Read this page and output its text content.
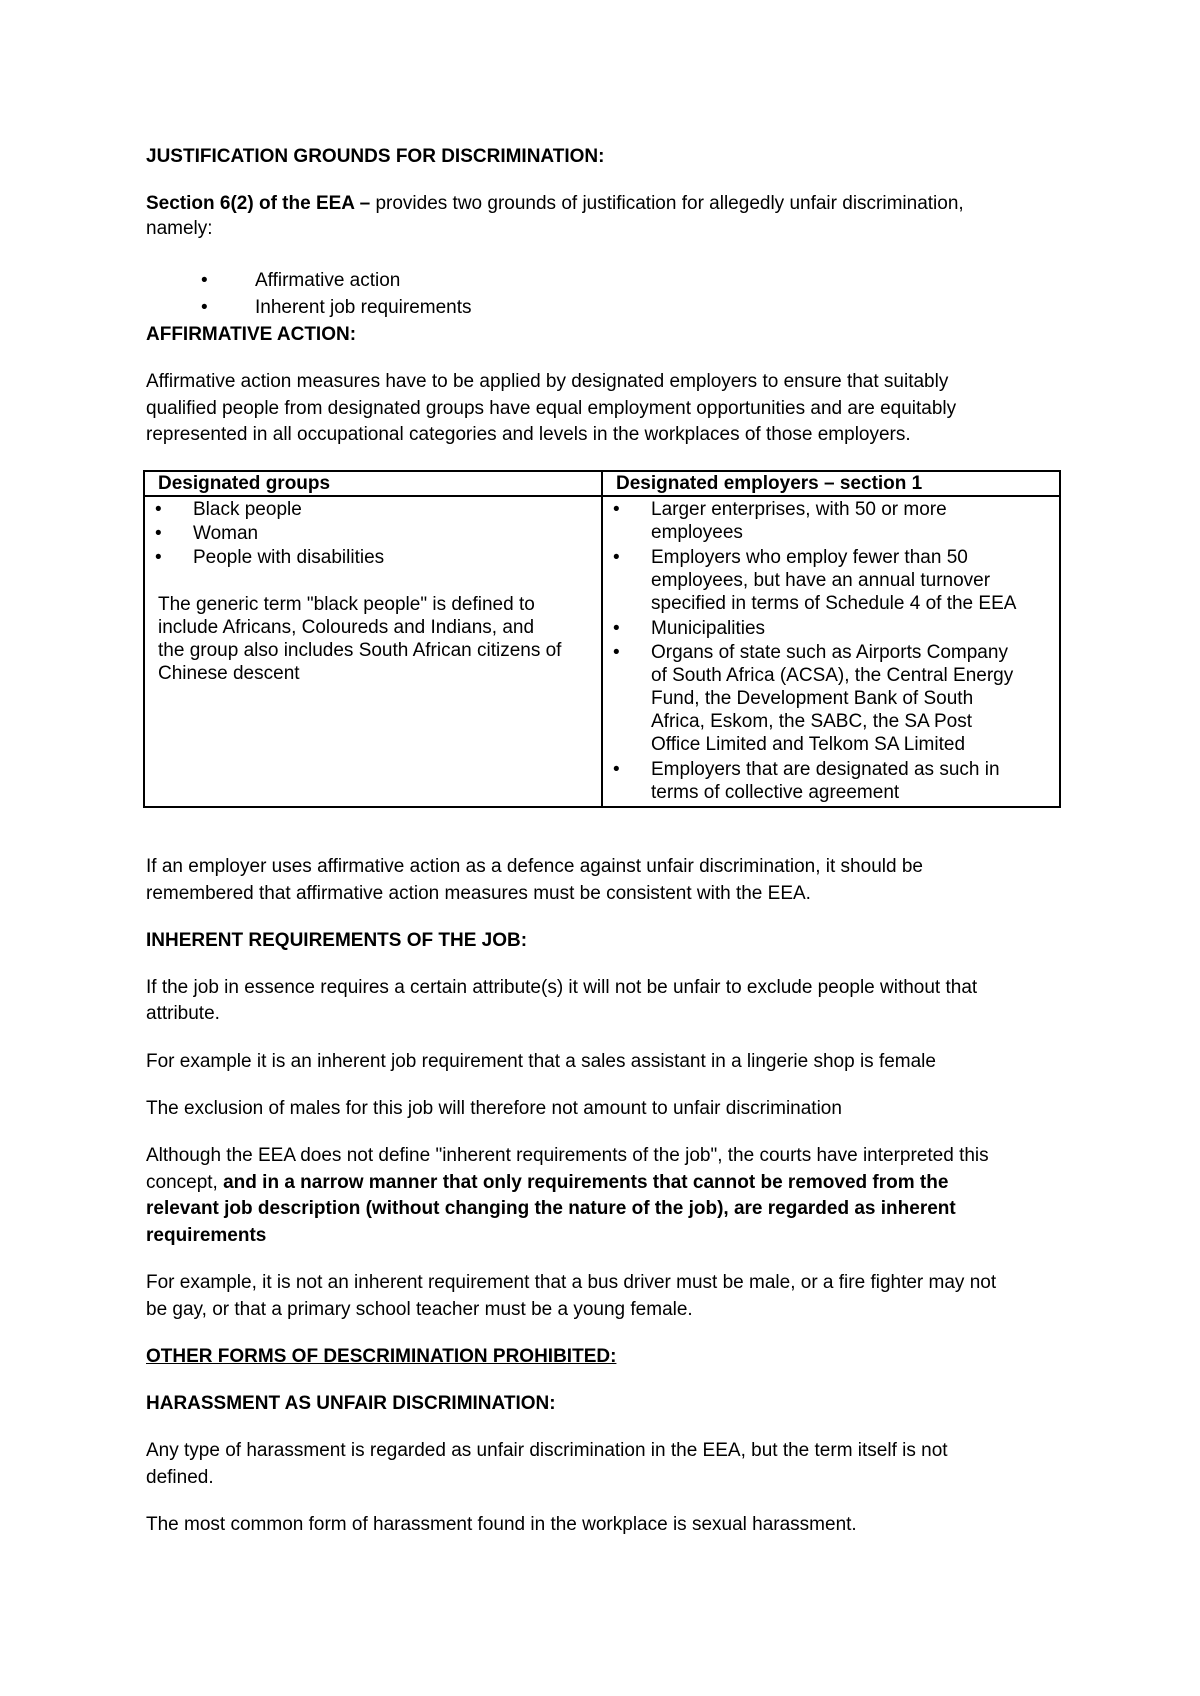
JUSTIFICATION GROUNDS FOR DISCRIMINATION:
Section 6(2) of the EEA – provides two grounds of justification for allegedly unfair discrimination,
namely:
• Affirmative action
• Inherent job requirements
AFFIRMATIVE ACTION:
Affirmative action measures have to be applied by designated employers to ensure that suitably
qualified people from designated groups have equal employment opportunities and are equitably
represented in all occupational categories and levels in the workplaces of those employers.
Designated groups	Designated employers – section 1
• Black people
• Woman
• People with disabilities
The generic term "black people" is defined to
include Africans, Coloureds and Indians, and
the group also includes South African citizens of
Chinese descent
• Larger enterprises, with 50 or more
employees
• Employers who employ fewer than 50
employees, but have an annual turnover
specified in terms of Schedule 4 of the EEA
• Municipalities
• Organs of state such as Airports Company
of South Africa (ACSA), the Central Energy
Fund, the Development Bank of South
Africa, Eskom, the SABC, the SA Post
Office Limited and Telkom SA Limited
• Employers that are designated as such in
terms of collective agreement
If an employer uses affirmative action as a defence against unfair discrimination, it should be
remembered that affirmative action measures must be consistent with the EEA.
INHERENT REQUIREMENTS OF THE JOB:
If the job in essence requires a certain attribute(s) it will not be unfair to exclude people without that
attribute.
For example it is an inherent job requirement that a sales assistant in a lingerie shop is female
The exclusion of males for this job will therefore not amount to unfair discrimination
Although the EEA does not define "inherent requirements of the job", the courts have interpreted this
concept, and in a narrow manner that only requirements that cannot be removed from the
relevant job description (without changing the nature of the job), are regarded as inherent
requirements
For example, it is not an inherent requirement that a bus driver must be male, or a fire fighter may not
be gay, or that a primary school teacher must be a young female.
OTHER FORMS OF DESCRIMINATION PROHIBITED:
HARASSMENT AS UNFAIR DISCRIMINATION:
Any type of harassment is regarded as unfair discrimination in the EEA, but the term itself is not
defined.
The most common form of harassment found in the workplace is sexual harassment.
